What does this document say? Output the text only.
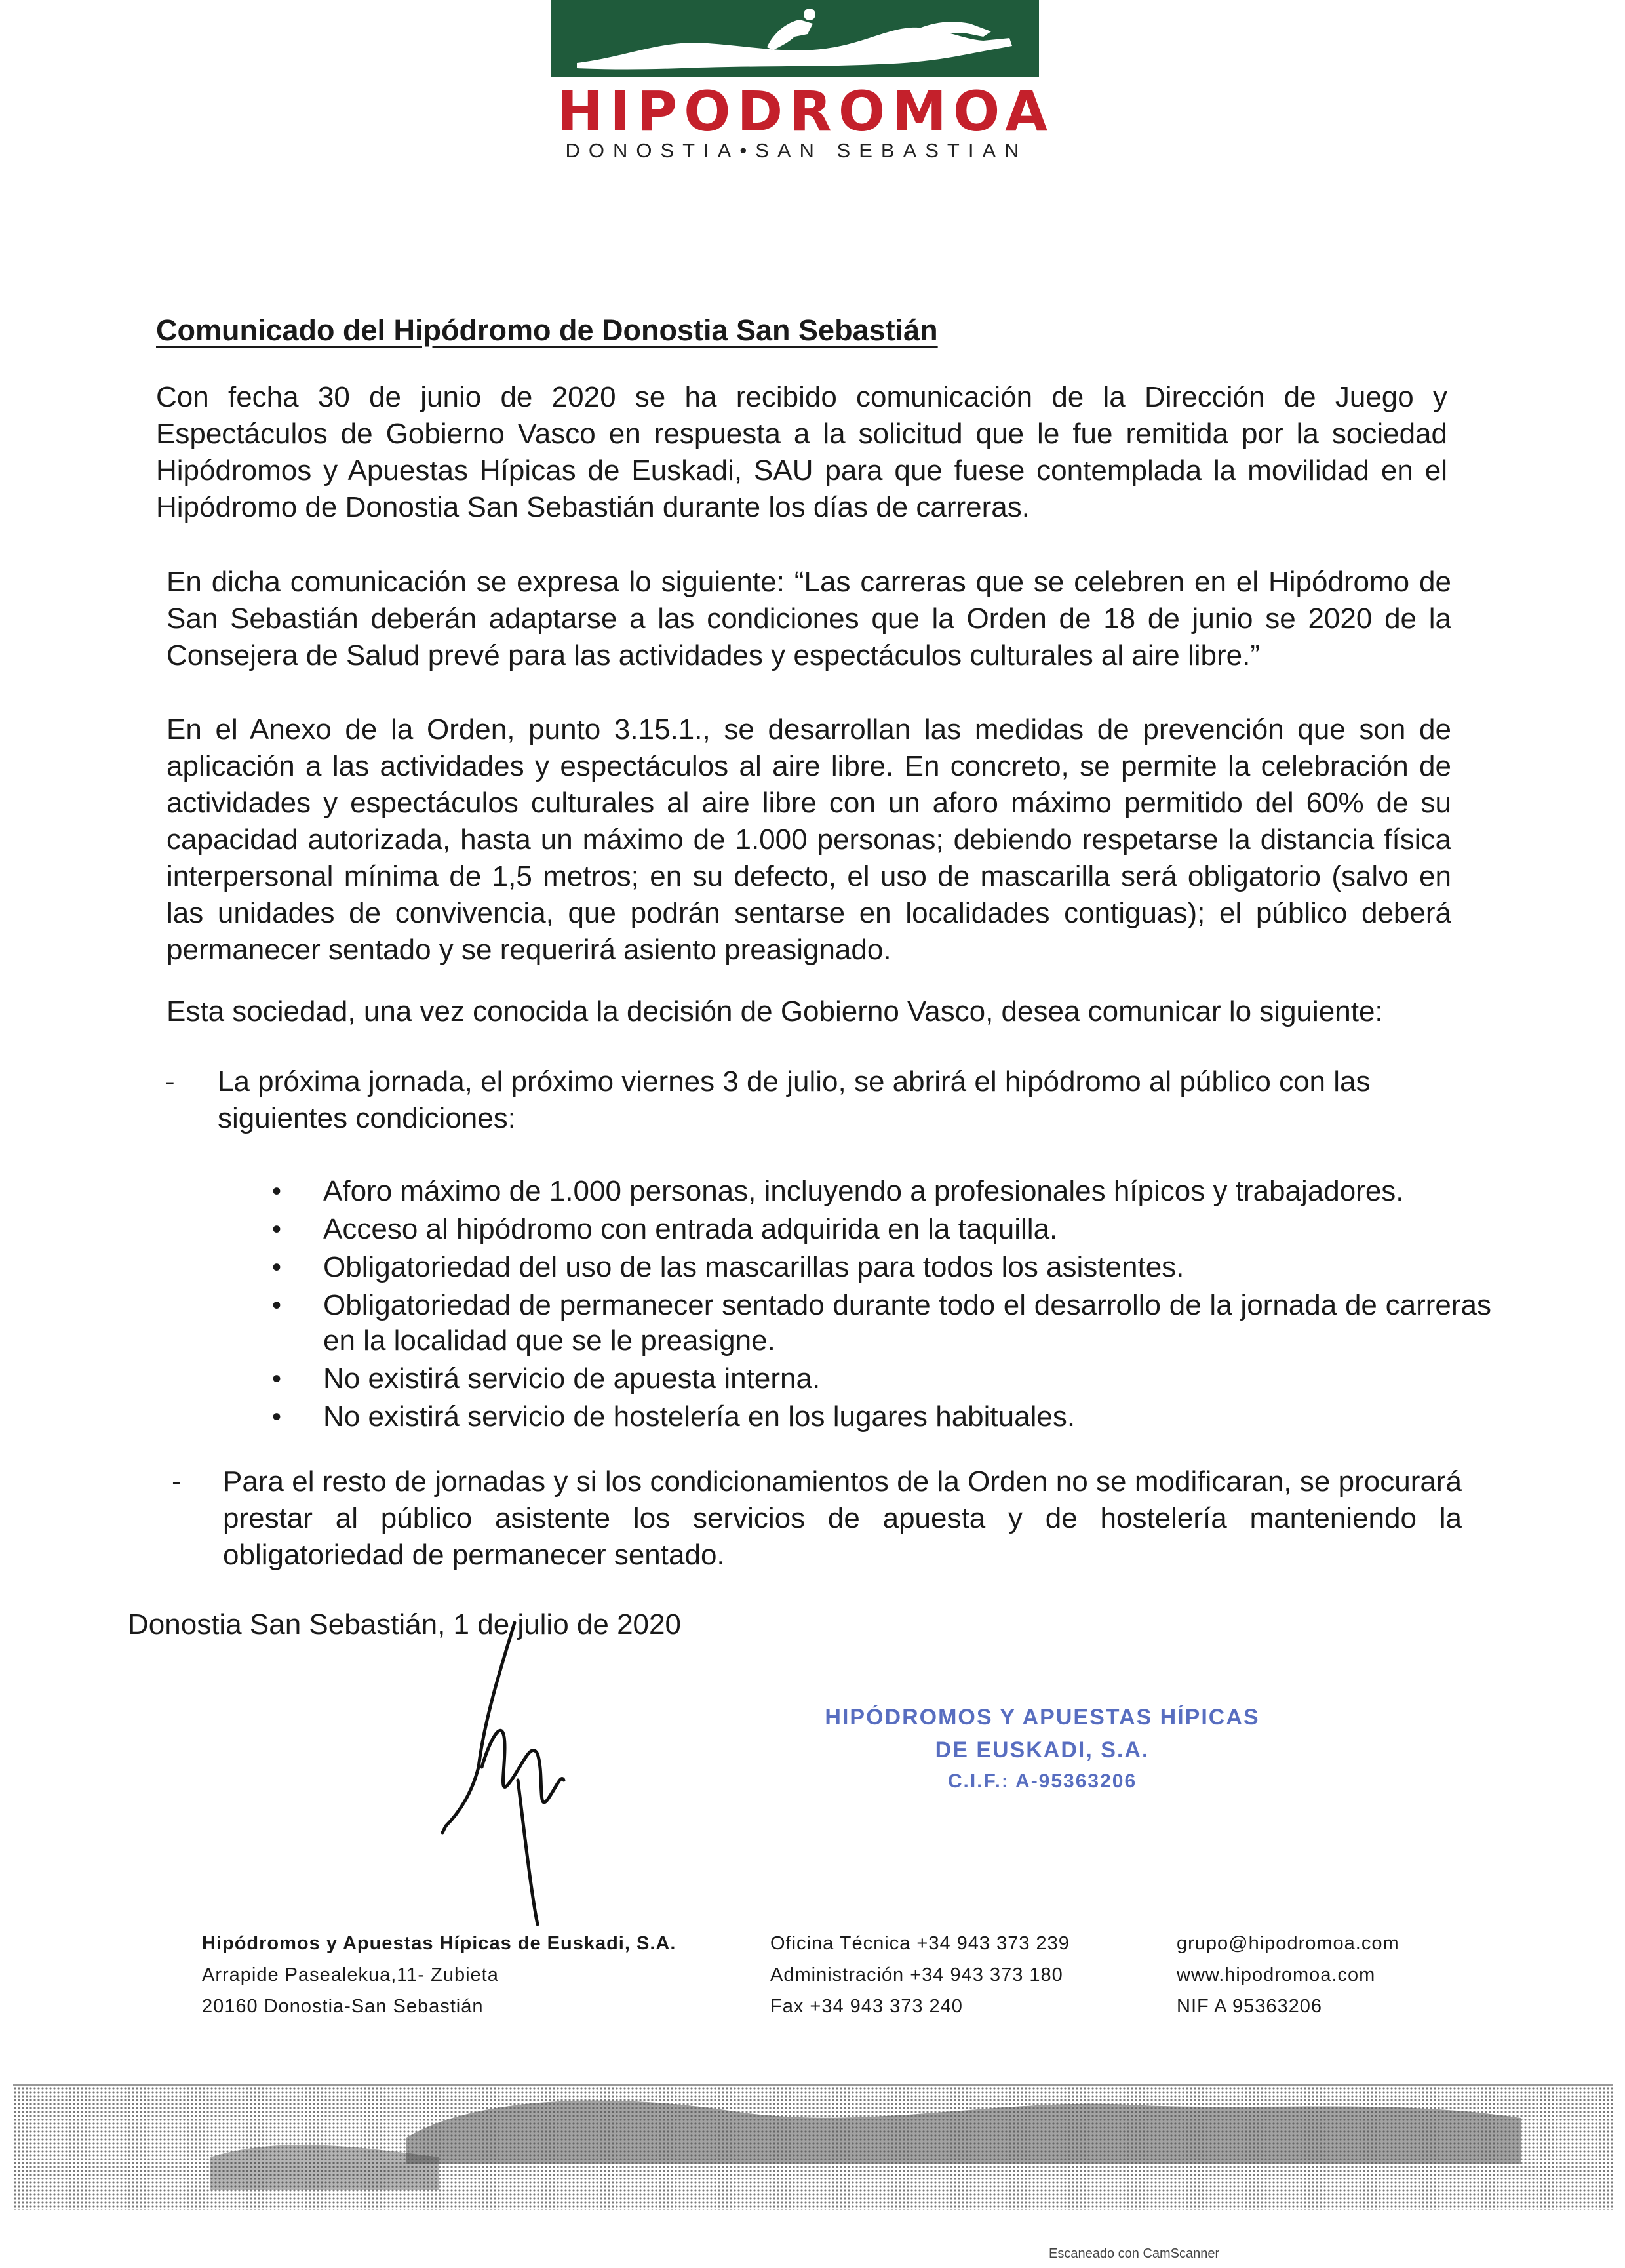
HIPODROMOA
DONOSTIA•SAN SEBASTIAN
Comunicado del Hipódromo de Donostia San Sebastián
Con fecha 30 de junio de 2020 se ha recibido comunicación de la Dirección de Juego y Espectáculos de Gobierno Vasco en respuesta a la solicitud que le fue remitida por la sociedad Hipódromos y Apuestas Hípicas de Euskadi, SAU para que fuese contemplada la movilidad en el Hipódromo de Donostia San Sebastián durante los días de carreras.
En dicha comunicación se expresa lo siguiente: “Las carreras que se celebren en el Hipódromo de San Sebastián deberán adaptarse a las condiciones que la Orden de 18 de junio se 2020 de la Consejera de Salud prevé para las actividades y espectáculos culturales al aire libre.”
En el Anexo de la Orden, punto 3.15.1., se desarrollan las medidas de prevención que son de aplicación a las actividades y espectáculos al aire libre. En concreto, se permite la celebración de actividades y espectáculos culturales al aire libre con un aforo máximo permitido del 60% de su capacidad autorizada, hasta un máximo de 1.000 personas; debiendo respetarse la distancia física interpersonal mínima de 1,5 metros; en su defecto, el uso de mascarilla será obligatorio (salvo en las unidades de convivencia, que podrán sentarse en localidades contiguas); el público deberá permanecer sentado y se requerirá asiento preasignado.
Esta sociedad, una vez conocida la decisión de Gobierno Vasco, desea comunicar lo siguiente:
- La próxima jornada, el próximo viernes 3 de julio, se abrirá el hipódromo al público con las siguientes condiciones:
• Aforo máximo de 1.000 personas, incluyendo a profesionales hípicos y trabajadores.
• Acceso al hipódromo con entrada adquirida en la taquilla.
• Obligatoriedad del uso de las mascarillas para todos los asistentes.
• Obligatoriedad de permanecer sentado durante todo el desarrollo de la jornada de carreras en la localidad que se le preasigne.
• No existirá servicio de apuesta interna.
• No existirá servicio de hostelería en los lugares habituales.
- Para el resto de jornadas y si los condicionamientos de la Orden no se modificaran, se procurará prestar al público asistente los servicios de apuesta y de hostelería manteniendo la obligatoriedad de permanecer sentado.
Donostia San Sebastián, 1 de julio de 2020
HIPÓDROMOS Y APUESTAS HÍPICAS
DE EUSKADI, S.A.
C.I.F.: A-95363206
Hipódromos y Apuestas Hípicas de Euskadi, S.A.
Arrapide Pasealekua,11- Zubieta
20160 Donostia-San Sebastián
Oficina Técnica +34 943 373 239
Administración +34 943 373 180
Fax +34 943 373 240
grupo@hipodromoa.com
www.hipodromoa.com
NIF A 95363206
Escaneado con CamScanner
